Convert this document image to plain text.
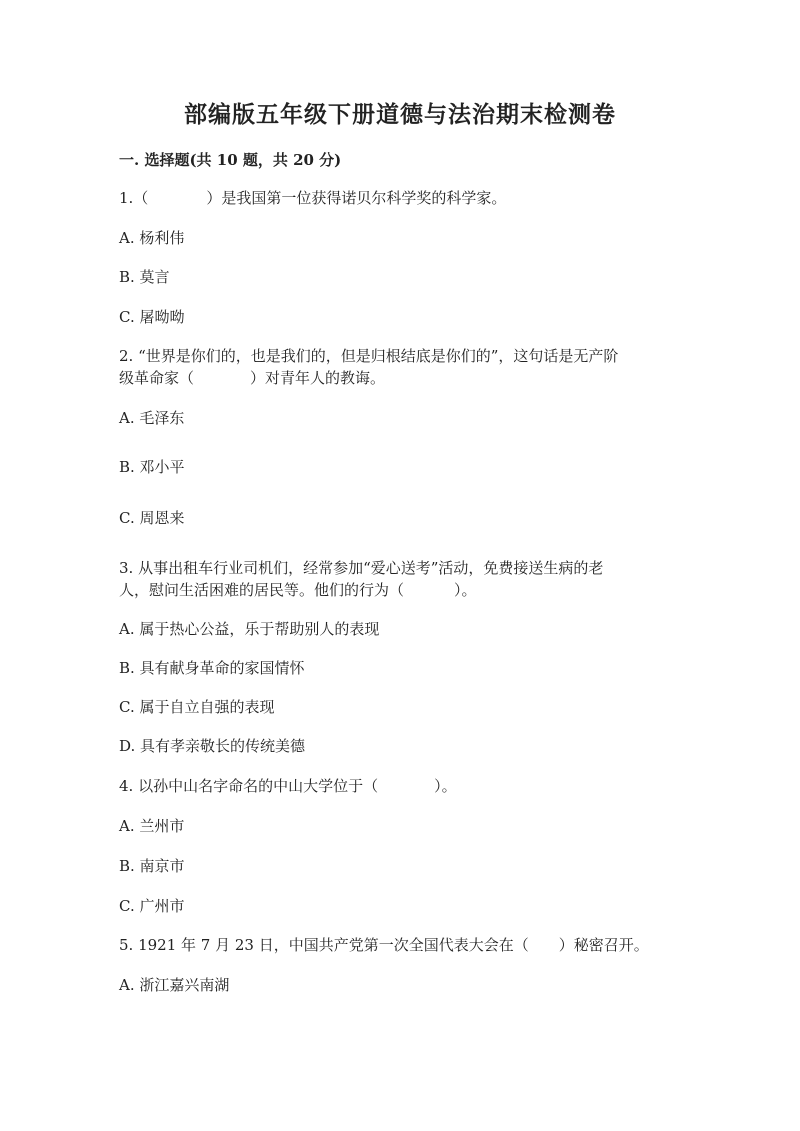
部编版五年级下册道德与法治期末检测卷
一. 选择题(共 10 题，共 20 分)
1.（	）是我国第一位获得诺贝尔科学奖的科学家。
A. 杨利伟
B. 莫言
C. 屠呦呦
2. “世界是你们的，也是我们的，但是归根结底是你们的”，这句话是无产阶
级革命家（	）对青年人的教诲。
A. 毛泽东
B. 邓小平
C. 周恩来
3. 从事出租车行业司机们，经常参加“爱心送考”活动，免费接送生病的老
人，慰问生活困难的居民等。他们的行为（	）。
A. 属于热心公益，乐于帮助别人的表现
B. 具有献身革命的家国情怀
C. 属于自立自强的表现
D. 具有孝亲敬长的传统美德
4. 以孙中山名字命名的中山大学位于（	）。
A. 兰州市
B. 南京市
C. 广州市
5. 1921 年 7 月 23 日，中国共产党第一次全国代表大会在（ ）秘密召开。
A. 浙江嘉兴南湖
